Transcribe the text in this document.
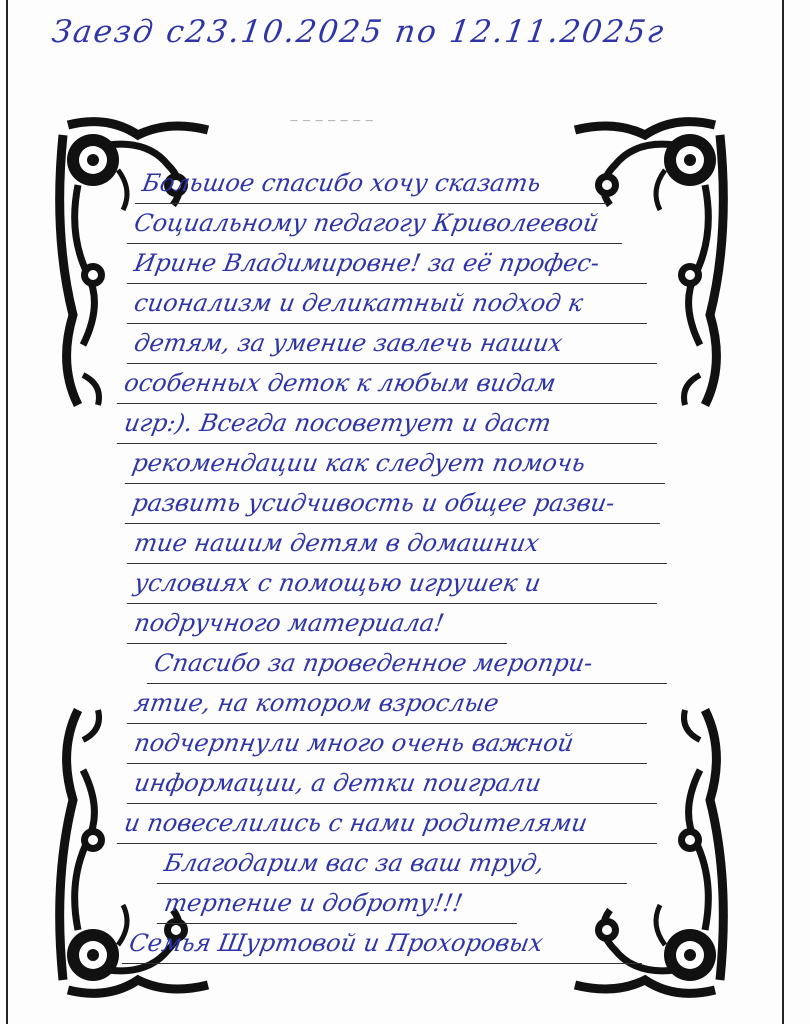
Заезд с23.10.2025 по 12.11.2025г
— — — — — — —
Большое спасибо хочу сказать
Социальному педагогу Криволеевой
Ирине Владимировне! за её профес-
сионализм и деликатный подход к
детям, за умение завлечь наших
особенных деток к любым видам
игр:). Всегда посоветует и даст
рекомендации как следует помочь
развить усидчивость и общее разви-
тие нашим детям в домашних
условиях с помощью игрушек и
подручного материала!
Спасибо за проведенное меропри-
ятие, на котором взрослые
подчерпнули много очень важной
информации, а детки поиграли
и повеселились с нами родителями
Благодарим вас за ваш труд,
терпение и доброту!!!
Семья Шуртовой и Прохоровых
